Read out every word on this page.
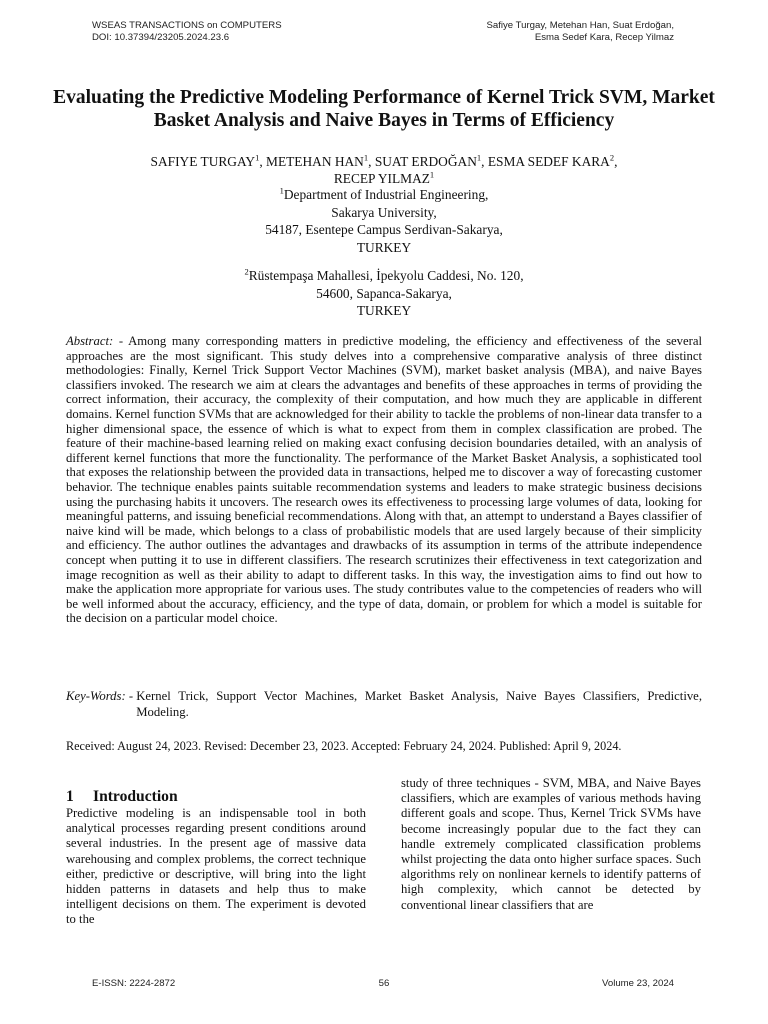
WSEAS TRANSACTIONS on COMPUTERS
DOI: 10.37394/23205.2024.23.6
Safiye Turgay, Metehan Han, Suat Erdoğan,
Esma Sedef Kara, Recep Yilmaz
Evaluating the Predictive Modeling Performance of Kernel Trick SVM, Market Basket Analysis and Naive Bayes in Terms of Efficiency
SAFIYE TURGAY$^1$, METEHAN HAN$^1$, SUAT ERDOĞAN$^1$, ESMA SEDEF KARA$^2$,
RECEP YILMAZ$^1$
$^1$Department of Industrial Engineering,
Sakarya University,
54187, Esentepe Campus Serdivan-Sakarya,
TURKEY
$^2$Rüstempaşa Mahallesi, İpekyolu Caddesi, No. 120,
54600, Sapanca-Sakarya,
TURKEY

Abstract: - Among many corresponding matters in predictive modeling, the efficiency and effectiveness of the several approaches are the most significant. This study delves into a comprehensive comparative analysis of three distinct methodologies: Finally, Kernel Trick Support Vector Machines (SVM), market basket analysis (MBA), and naive Bayes classifiers invoked. The research we aim at clears the advantages and benefits of these approaches in terms of providing the correct information, their accuracy, the complexity of their computation, and how much they are applicable in different domains. Kernel function SVMs that are acknowledged for their ability to tackle the problems of non-linear data transfer to a higher dimensional space, the essence of which is what to expect from them in complex classification are probed. The feature of their machine-based learning relied on making exact confusing decision boundaries detailed, with an analysis of different kernel functions that more the functionality. The performance of the Market Basket Analysis, a sophisticated tool that exposes the relationship between the provided data in transactions, helped me to discover a way of forecasting customer behavior. The technique enables paints suitable recommendation systems and leaders to make strategic business decisions using the purchasing habits it uncovers. The research owes its effectiveness to processing large volumes of data, looking for meaningful patterns, and issuing beneficial recommendations. Along with that, an attempt to understand a Bayes classifier of naive kind will be made, which belongs to a class of probabilistic models that are used largely because of their simplicity and efficiency. The author outlines the advantages and drawbacks of its assumption in terms of the attribute independence concept when putting it to use in different classifiers. The research scrutinizes their effectiveness in text categorization and image recognition as well as their ability to adapt to different tasks. In this way, the investigation aims to find out how to make the application more appropriate for various uses. The study contributes value to the competencies of readers who will be well informed about the accuracy, efficiency, and the type of data, domain, or problem for which a model is suitable for the decision on a particular model choice.

Key-Words: - Kernel Trick, Support Vector Machines, Market Basket Analysis, Naive Bayes Classifiers, Predictive, Modeling.
Received: August 24, 2023. Revised: December 23, 2023. Accepted: February 24, 2024. Published: April 9, 2024.
1 Introduction

Predictive modeling is an indispensable tool in both analytical processes regarding present conditions around several industries. In the present age of massive data warehousing and complex problems, the correct technique either, predictive or descriptive, will bring into the light hidden patterns in datasets and help thus to make intelligent decisions on them. The experiment is devoted to the

study of three techniques - SVM, MBA, and Naive Bayes classifiers, which are examples of various methods having different goals and scope. Thus, Kernel Trick SVMs have become increasingly popular due to the fact they can handle extremely complicated classification problems whilst projecting the data onto higher surface spaces. Such algorithms rely on nonlinear kernels to identify patterns of high complexity, which cannot be detected by conventional linear classifiers that are

E-ISSN: 2224-2872	56	Volume 23, 2024
